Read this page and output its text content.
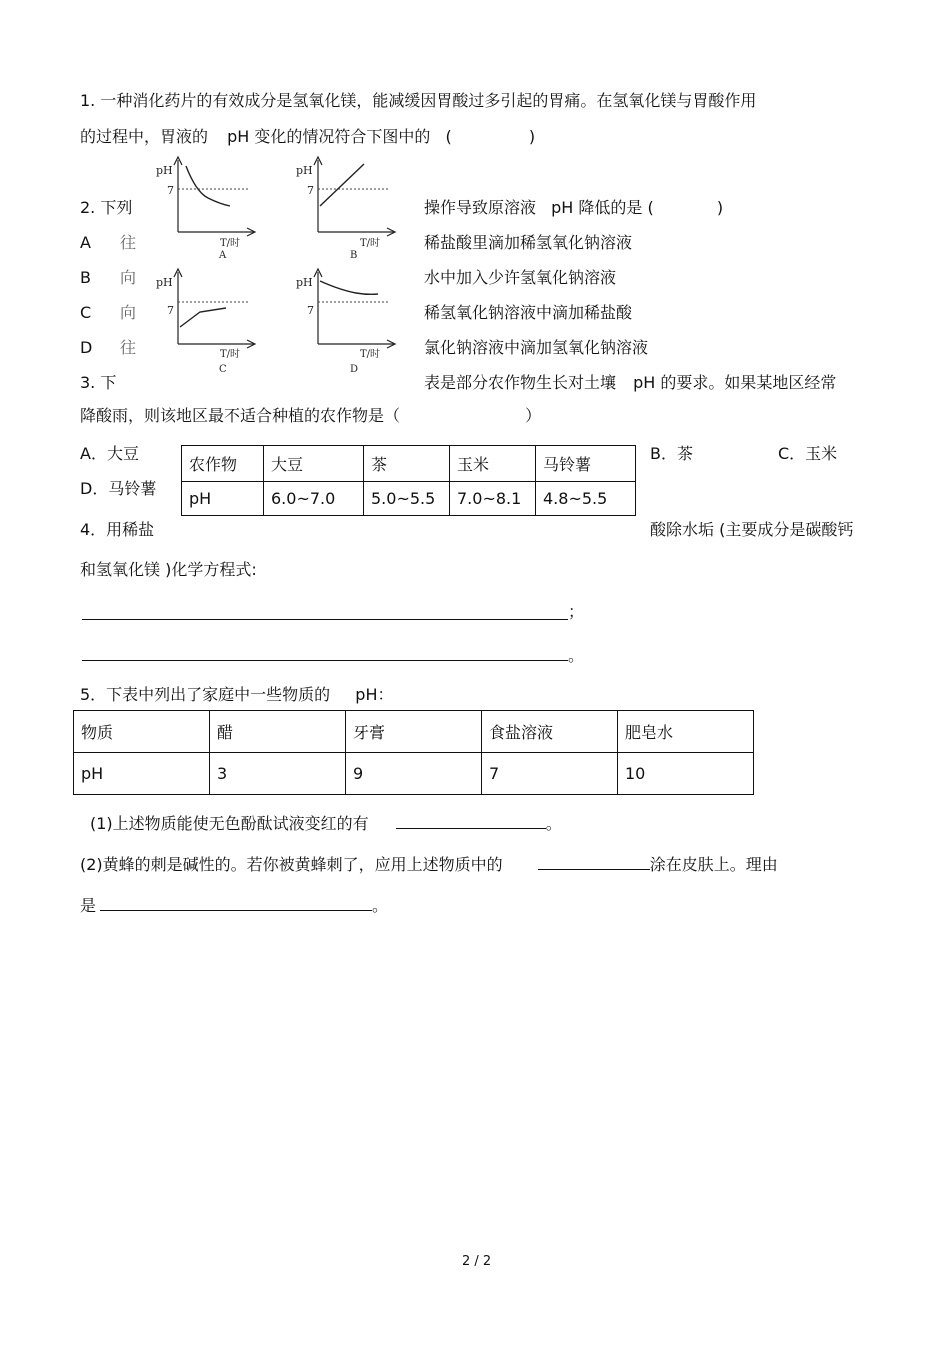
1. 一种消化药片的有效成分是氢氧化镁，能减缓因胃酸过多引起的胃痛。在氢氧化镁与胃酸作用
的过程中，胃液的 pH 变化的情况符合下图中的 (	)
pH
7
T/时
A
pH
7
T/时
B
pH
7
T/时
C
pH
7
T/时
D
2. 下列	操作导致原溶液 pH 降低的是 (	)
A 往	稀盐酸里滴加稀氢氧化钠溶液
B 向	水中加入少许氢氧化钠溶液
C 向	稀氢氧化钠溶液中滴加稀盐酸
D 往	氯化钠溶液中滴加氢氧化钠溶液
3. 下	表是部分农作物生长对土壤 pH 的要求。如果某地区经常
降酸雨，则该地区最不适合种植的农作物是（	）
A．大豆
D．马铃薯
B．茶	C．玉米
农作物	大豆	茶	玉米	马铃薯
pH	6.0~7.0	5.0~5.5	7.0~8.1	4.8~5.5
4．用稀盐	酸除水垢 (主要成分是碳酸钙
和氢氧化镁 )化学方程式:
；
。
5．下表中列出了家庭中一些物质的 pH：
物质	醋	牙膏	食盐溶液	肥皂水
pH	3	9	7	10
(1)上述物质能使无色酚酞试液变红的有	。
(2)黄蜂的刺是碱性的。若你被黄蜂刺了，应用上述物质中的	涂在皮肤上。理由
是	。
2 / 2
